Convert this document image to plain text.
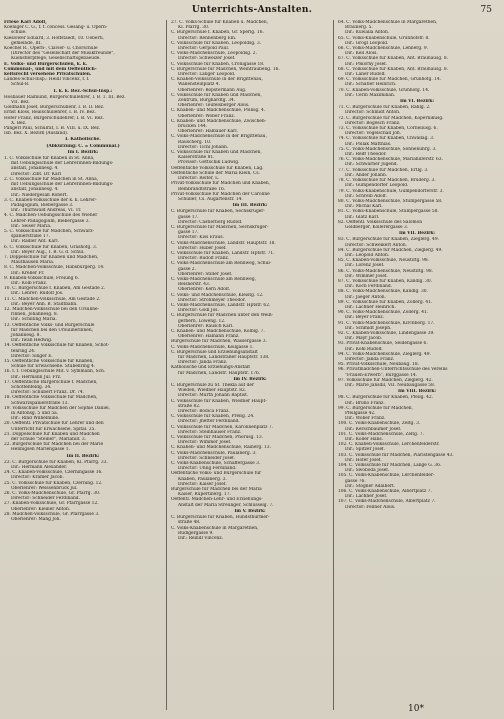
Unterrichts-Anstalten.	75
Friese Karl Adolf,
Koeniger C. G., f. f. concess. Gesang- u. Opern-
schule.
Kieslower Eduard, 3. Hoffstaedt, 10. Ueberti,
gemeinde, III.
Koechel R., Opern-, Clavier- u. Chorschule
(Director des "Gesellschaft der Musikfreunde",
Kuenstlerpflege, Gesellschaftsgebaeude.
E. Volks- und Bürgerschulen, k. k.
Communal-, und mit dem Oeffentlich-
keitsrecht versehene Privatschulen.
Landes-Schul-Insp.: Heidl Vincenz, f. f.
Schul-R.
I. k. k. Bez.-Schul-Insp.:
Hosbauer Raimund, Bürgerschullehrer, I. B. 1. III. Bez.
VII. Bez.
Goldhahn Josef, Bürgerschullehr, I. B. II. Bez.
Ernst Kloss, Realschullehrer, I. B. IV. Bez.
Hofer Franz, Bürgerschullehrer, I. B. VI. Bez.
X. Bez.
Pangerl Paul, Schulrat, I. B. VIII. u. IX. Bez.
Isb. Bez. X. Bezirk (Ausland).
I. Katholische.
(Abkürzung: C. = Communal.)
Im I. Bezirk:
1. C. Volksschule für Knaben in St. Anna,
mit Uebungsschule der Lehrerinnen-Bildungs-
anstalt, Johannesg. 4.
Director: Zibt. Dr. Karl
2. C. Volksschule für Mädchen in St. Anna,
mit Uebungsschule der Lehrerinnen-Bildungs-
anstalt, Johannesg. 4.
Dir.: Niedergesäß Robert.
3. C. Knaben-Volksschule der k. k. Lehrer-
Pädagogium, Biebergasse 3.
Dir.: Thurnwald Andreas, VI. Tr.
4. C. Mädchen-Uebungsschule des Wiener
Lehrer-Pädagogium, Biebergasse 3.
Dir.: Seiser Maria.
5. C. Volksschule für Mädchen, Schwarz-
spanierstraße 17.
Dir.: Radler Ant. Karl.
6. C. Volksschule für Knaben, Grashofg. 3.
Dir.: Beyer Aug., I. B. G. d. Schul.
7. Doppelschule für Knaben und Mädchen,
Mauthausen Maria.
8. C. Mädchen-Volksschule, Habsburgerg. 14.
Dir.: Kreller Fr.
9. Knaben-Volksschule, Freiung 6.
Dir.: Kolb Franz.
10. C. Bürgerschule f. Knaben, Am Gestade 2.
Dir.: Lehrer: Rudolf Jos.
11. C. Mädchen-Volksschule, Am Gestade 2.
Dir.: Beyer Ann. B. Stadtbahn.
12. Mädchen-Volksschule bei den Ursuline-
rinnen, Johannesg. 8.
Dir.: Schilling Maria.
13. Oeffentliche Volks- und Bürgerschule
für Mädchen bei den Ursulinerinnen,
Johannesg. 8.
Dir.: Iwan Hedwig.
14. Oeffentliche Volksschule für Knaben, Schot-
tenring 24.
Director: Singer E.
15. Oeffentliche Volksschule für Knaben,
Schule für Erwachsene. Stubenring 4.
16. f. f. Uebungsschule Mit. v. Symmann, Sch.
Dir.: Hermann Jul. Frz.
17. Oeffentliche Bürgerschule f. Mädchen,
Schottenfeldg. 34.
Director: Schubert Franz. Dr. 74.
18. Oeffentliche Volksschule für Mädchen,
Schwarzspanierstraße 13.
19. Volksschule für Mädchen der Sophie Daniel,
in Antonsg. 5 und 5a.
Dir.: Rind Wilhelmine.
20. Oeffentl. Privatschule für Lehrer und den
Unterricht für Erwachsene, Spital. 25.
21. Doppelschule für Knaben und Mädchen
der Schule "Steiner", Mariahilf. 3.
22. Bürgerschule für Mädchen bei der Marie
Hennigsen Mariengasse 1.
Im II. Bezirk:
23. C. Bürgerschule für Knaben, Kl. Pfarrg. 33.
Dir.: Hermann Alexander.
24. C. Knaben-Volksschule, Czerningasse 16.
Director: Kramer Jacob.
25. C. Volksschule für Knaben, Czerning. 12.
Oberlehrer: Weissenbruck Jul.
26. C. Volks-Mädchenschule, Gr. Pfarrg. 30.
Director: Schneider Ferdinand.
27. Knaben-Volksschule, Gr. Pfarrgasse 12.
Oberlehrer: Kleiner Anton.
28. Mädchen-Volksschule, Gr. Pfarrgasse 3.
Oberlehrer: Mang Joh.
27. C. Volks-Schule für Knaben u. Mädchen,
Kl. Pfarrg. 30.
C. Bürgerschule f. Knaben, Gr. Sperlg. 16.
Director: Rennenberg Em.
C. Volksschule für Knaben, Leopoldsg. 3.
Director: Gerpold Paul.
C. Volks-Mädchenschule, Leopoldsg. 2.
Director: Schweizer Josef.
C. Volksschule für Knaben, Cronigasse 18.
C. Bürgerschule für Mädchen, Weintraubeng. 16.
Director: Langer Leopold.
C. Knaben-Volksschule in der Brigittenau,
Wallensteinplatz 4.
Oberlehrer: Bopstermann Aug.
C. Volksschule für Knaben und Mädchen,
Zentrum, Burghardtg. 34.
Oberlehrer: Teufelsberger Alois.
C. Knaben- und Mädchenschule, Pollisg. 4.
Oberlehrer: Wöber Franz.
C. Knaben- und Mädchenschule, Zwischen-
brücken 144.
Oberlehrer: Halbauer Karl.
C. Volks-Mädchenschule in der Brigittenau,
Rauscherg. 10.
Director: Tichl Johann.
C. Volksschule für Knaben und Mädchen,
Kaiserstraße 81.
Provisor: Gottschik Ludwig.
Oeffentliche Volksschule für Knaben, Lag.
Oeffentliche Schule der Maria Klein, Cs.
Director: Reiter, L.
Privat-Volksschule für Mädchen und Knaben,
Rembrandtstraße 16.
Privat-Volksschule für Mädchen der Caroline
Schuller, Cs. Augartenstr. 14.
Im III. Bezirk:
C. Bürgerschule für Knaben, Sechskrüger-
gasse 17.
Director: Castlerberg Rudolf.
C. Bürgerschule für Mädchen, Sechskrüger-
gasse 17.
Director: Kiss Eraus.
C. Volks-Mädchenschule, Landstr. Hauptstr. 18.
Director: Huber Josef.
C. Volksschule für Knaben, Landstr. Hptstr. 71.
Director: Rudolf Franz.
C. Volks-Mädchenschule am Rennweg, Schul-
gasse 2.
Oberlehrer: Stiller Josef.
C. Volks-Mädchenschule am Rennweg,
Reisnerstr. 43.
Oberlehrer: Kern Adolf.
C. Volks- und Mädchenschule, Kleistg. 12.
Director: Strohmeyer Theodor.
C. Volks-Mädchenschule, Landstr. Hptstr. 62.
Director: Gödl Jos.
C. Bürgerschule für Mädchen unter den Weiß-
gerbern, Löweng. 12.
Oberlehrer: Rausch Karl.
C. Knaben- und Mädchenschule, Kölblg. 7.
Oberlehrer: Hamann Franz.
Bürgerschule für Mädchen, Wassergasse 3.
C. Volks-Mädchenschule, Keilgasse 1.
C. Bürgerschule und Erziehungsanstalt
für Mädchen, Landstraßer Hauptstr. 138.
Director: Janda Franz.
Katholische und Erziehungs-Anstalt
für Mädchen, Landstr. Hauptstr. 176.
Im IV. Bezirk:
C. Bürgerschule zu St. Thekla auf der
Wieden, Wiedner Hauptstr. 82.
Director: Mürth Johann Baptist.
C. Volksschule für Knaben, Wiedner Haupt-
straße 82.
Director: Bodica Franz.
C. Volksschule für Knaben, Preßg. 24.
Director: Jhetter Ferdinand.
C. Volksschule für Mädchen, Karolinenplatz 7.
Director: Steinhauser Franz.
C. Volksschule für Mädchen, Phorusg. 13.
Director: Wimmer Josef.
C. Knaben- und Mädchenschule, Rainerg. 13.
C. Volks-Mädchenschule, Paulanerg. 3.
Director: Schneider Josef.
C. Volks-Knabenschule, Schäffergasse 3.
Director: Uhlig Ferdinand.
Oeffentliche Volks- und Bürgerschule für
Knaben, Paulanerg. 3.
Director: Kaiser Josef.
Bürgerschule für Mädchen bei der Maria
Kaiser, Rupertinerg. 17.
Oeffentl. Mädchen-Lehr- und Erziehungs-
Anstalt der Maria Streunger, Schlüsselg. 7.
Im V. Bezirk:
C. Bürgerschule für Knaben, Hundsthurmer-
straße 48.
C. Volks-Knabenschule in Margarethen,
Rüdigergasse 9.
Dir.: Reindl Vincenz.
64. C. Volks-Mädchenschule in Margarethen,
Bräunerg. 5.
Dir.: Kuwalla Anton.
65. C. Volks-Knabenschule, Grünhofstr. 8.
Dir.: Grögl Leopold.
66. C. Volks-Mädchenschule, Lehnerg. 9.
Dir.: Keil Alois.
67. C. Volksschule für Knaben, Ant. Brauhausg. 8.
Dir.: Pokorny Josef.
68. C. Volksschule für Knaben, Ant. Brauhausg. 8.
Dir.: Laner Rudolf.
69. C. Volksschule für Mädchen, Grünhofg. 14.
Dir.: Schatler Heinrich.
70. C. Knaben-Volksschule, Grünhofg. 14.
Dir.: Cerin Maximilian.
Im VI. Bezirk:
71. C. Bürgerschule für Knaben, Rahlg. 2.
Director: Schmidt Anton.
72. C. Bürgerschule für Mädchen, Kopernikusg.
Director: Bögesch Franz.
73. C. Volksschule für Knaben, Corneliusg. 6.
Director: Vogelschall Joh.
74. C. Volksschule für Knaben, Chwallag. 3.
Dir.: Pollak Matthias.
75. C. Volks-Mädchenschule, Sonnenuhrg. 3.
Dir.: Reiff Theodor.
76. C. Volks-Mädchenschule, Mariahilferstr. 63.
Dir.: Schwärner Jugend.
77. C. Volksschule für Mädchen, Ertlg. 3.
Dir.: Ander Johann.
78. C. Volksschule für Mädchen, Brüderg. 3.
Dir.: Gumpendorfer Leopold.
79. C. Volks-Knabenschule, Gumpendorferstr. 3.
Dir.: Schreib Adolf.
80. C. Volks-Mädchenschule, Stumpergasse 58.
Dir.: Michal Karl.
81. C. Volks-Knabenschule, Stumpergasse 58.
Dir.: Glatz Karl.
82. Oeffentl. Volksschule des Salomon
Goldberger, Kollerergasse 3.
Im VII. Bezirk:
83. C. Bürgerschule für Knaben, Zieglerg. 49.
Director: Schweikert Anton.
84. C. Bürgerschule für Mädchen, Zieglerg. 49.
Dir.: Leopold Anton.
85. C. Knaben-Volksschule, Neustiftg. 98.
Dir.: Lorenz Josef.
86. C. Volks-Mädchenschule, Neustiftg. 98.
Dir.: Wimmer Josef.
87. C. Volksschule für Knaben, Kandlg. 30.
Dir.: Koch Ferdinand.
88. C. Volks-Mädchenschule, Kandlg. 30.
Dir.: Jaeger Anton.
89. C. Volksschule für Knaben, Zollerg. 41.
Dir.: Lachner Heinrich.
90. C. Volks-Mädchenschule, Zollerg. 41.
Dir.: Beyer Franz.
91. C. Volks-Mädchenschule, Kirchberg. 17.
Dir.: Schmidt Joseph.
92. C. Knaben-Volksschule, Lindengasse 39.
Dir.: Mayr Jacob.
93. Privat-Knabenschule, Seidengasse 6.
Dir.: Kohl Rudolf.
94. C. Volks-Mädchenschule, Zieglerg. 49.
Director: Janda Franz.
95. Privat-Volksschule, Neubaug. 18.
96. Privatmädchen-Unterrichtsschule des Vereins
"Frauen-Erwerb", Burggasse 14.
97. Volksschule für Mädchen, Zieglerg. 42.
Dir.: Marie Jansdil, VII. Neubaugasse 58.
Im VIII. Bezirk:
98. C. Bürgerschule für Knaben, Pfeilg. 42.
Dir.: Bruno Franz.
99. C. Bürgerschule für Mädchen,
Pfeilgasse 42.
Dir.: Wöber Franz.
100. C. Volks-Knabenschule, Zeltg. 3.
Dir.: Kerschbaumer Josef.
101. C. Volks-Mädchenschule, Zeltg. 7.
Dir.: Koller Hans.
102. C. Knaben-Volksschule, Lerchenfelderstr.
Dir.: Spitzer Josef.
103. C. Volksschule für Mädchen, Piaristengasse 43.
Dir.: Hofer Josef.
104. C. Volksschule für Mädchen, Lange G. 36.
Dir.: Swoboda Josef.
105. C. Volks-Knabenschule, Lerchenfelder-
gasse 76.
Dir.: Stögner Adalbert.
106. C. Volks-Knabenschule, Albertplatz 7.
Dir.: Lachner Josef.
107. C. Volks-Mädchenschule, Albertplatz 7.
Director: Fellner Alois.
10*
